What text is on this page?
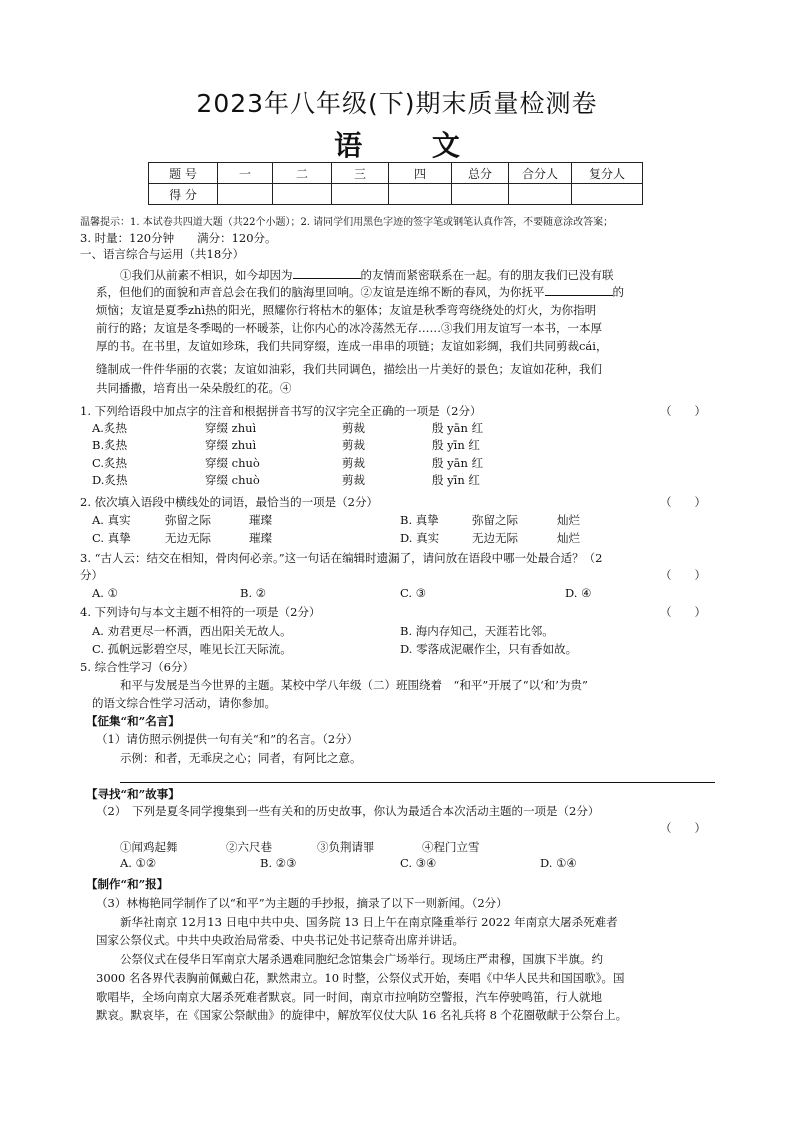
2023年八年级(下)期末质量检测卷
语 文
题 号	一	二	三	四	总分	合分人	复分人
得 分							
温馨提示：1. 本试卷共四道大题（共22个小题）；2. 请同学们用黑色字迹的签字笔或钢笔认真作答，不要随意涂改答案；
3. 时量：120分钟　　满分：120分。
一、语言综合与运用（共18分）
①我们从前素不相识，如今却因为	的友情而紧密联系在一起。有的朋友我们已没有联
系，但他们的面貌和声音总会在我们的脑海里回响。②友谊是连绵不断的春风，为你抚平	的
烦恼；友谊是夏季zhì热的阳光，照耀你行将枯木的躯体；友谊是秋季弯弯绕绕处的灯火，为你指明
前行的路；友谊是冬季喝的一杯暖茶，让你内心的冰冷荡然无存……③我们用友谊写一本书，一本厚
厚的书。在书里，友谊如珍珠，我们共同穿缀，连成一串串的项链；友谊如彩绸，我们共同剪裁cái，
缝制成一件件华丽的衣裳；友谊如油彩，我们共同调色，描绘出一片美好的景色；友谊如花种，我们
共同播撒，培育出一朵朵殷红的花。④
1. 下列给语段中加点字的注音和根据拼音书写的汉字完全正确的一项是（2分）	（　　）
A.炙热	穿缀 zhuì	剪裁	殷 yān 红
B.炙热	穿缀 zhuì	剪裁	殷 yīn 红
C.炙热	穿缀 chuò	剪裁	殷 yān 红
D.炙热	穿缀 chuò	剪裁	殷 yīn 红
2. 依次填入语段中横线处的词语，最恰当的一项是（2分）	（　　）
A. 真实	弥留之际	璀璨	B. 真挚	弥留之际	灿烂
C. 真挚	无边无际	璀璨	D. 真实	无边无际	灿烂
3. “古人云：结交在相知，骨肉何必亲。”这一句话在编辑时遗漏了，请问放在语段中哪一处最合适？（2
分）	（　　）
A. ①	B. ②	C. ③	D. ④
4. 下列诗句与本文主题不相符的一项是（2分）	（　　）
A. 劝君更尽一杯酒，西出阳关无故人。	B. 海内存知己，天涯若比邻。
C. 孤帆远影碧空尽，唯见长江天际流。	D. 零落成泥碾作尘，只有香如故。
5. 综合性学习（6分）
和平与发展是当今世界的主题。某校中学八年级（二）班围绕着　“和平”开展了“以‘和’为贵”
的语文综合性学习活动，请你参加。
【征集“和”名言】
（1）请仿照示例提供一句有关“和”的名言。（2分）
示例：和者，无乖戾之心；同者，有阿比之意。
【寻找“和”故事】
（2）　下列是夏冬同学搜集到一些有关和的历史故事，你认为最适合本次活动主题的一项是（2分）
（　　）
①闻鸡起舞	②六尺巷	③负荆请罪	④程门立雪
A. ①②	B. ②③	C. ③④	D. ①④
【制作“和”报】
（3）林梅艳同学制作了以“和平”为主题的手抄报，摘录了以下一则新闻。（2分）
新华社南京 12月13 日电中共中央、国务院 13 日上午在南京隆重举行 2022 年南京大屠杀死难者
国家公祭仪式。中共中央政治局常委、中央书记处书记蔡奇出席并讲话。
公祭仪式在侵华日军南京大屠杀遇难同胞纪念馆集会广场举行。现场庄严肃穆，国旗下半旗。约
3000 名各界代表胸前佩戴白花，默然肃立。10 时整，公祭仪式开始，奏唱《中华人民共和国国歌》。国
歌唱毕，全场向南京大屠杀死难者默哀。同一时间，南京市拉响防空警报，汽车停驶鸣笛，行人就地
默哀。默哀毕，在《国家公祭献曲》的旋律中，解放军仪仗大队 16 名礼兵将 8 个花圈敬献于公祭台上。
